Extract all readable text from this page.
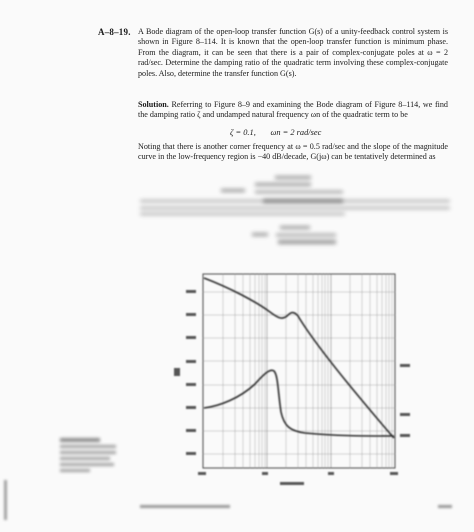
A–8–19. A Bode diagram of the open-loop transfer function G(s) of a unity-feedback control system is shown in Figure 8–114. It is known that the open-loop transfer function is minimum phase. From the diagram, it can be seen that there is a pair of complex-conjugate poles at ω = 2 rad/sec. Determine the damping ratio of the quadratic term involving these complex-conjugate poles. Also, determine the transfer function G(s).
Solution. Referring to Figure 8–9 and examining the Bode diagram of Figure 8–114, we find the damping ratio ζ and undamped natural frequency ωn of the quadratic term to be
ζ = 0.1,       ωn = 2 rad/sec
Noting that there is another corner frequency at ω = 0.5 rad/sec and the slope of the magnitude curve in the low-frequency region is −40 dB/decade, G(jω) can be tentatively determined as
